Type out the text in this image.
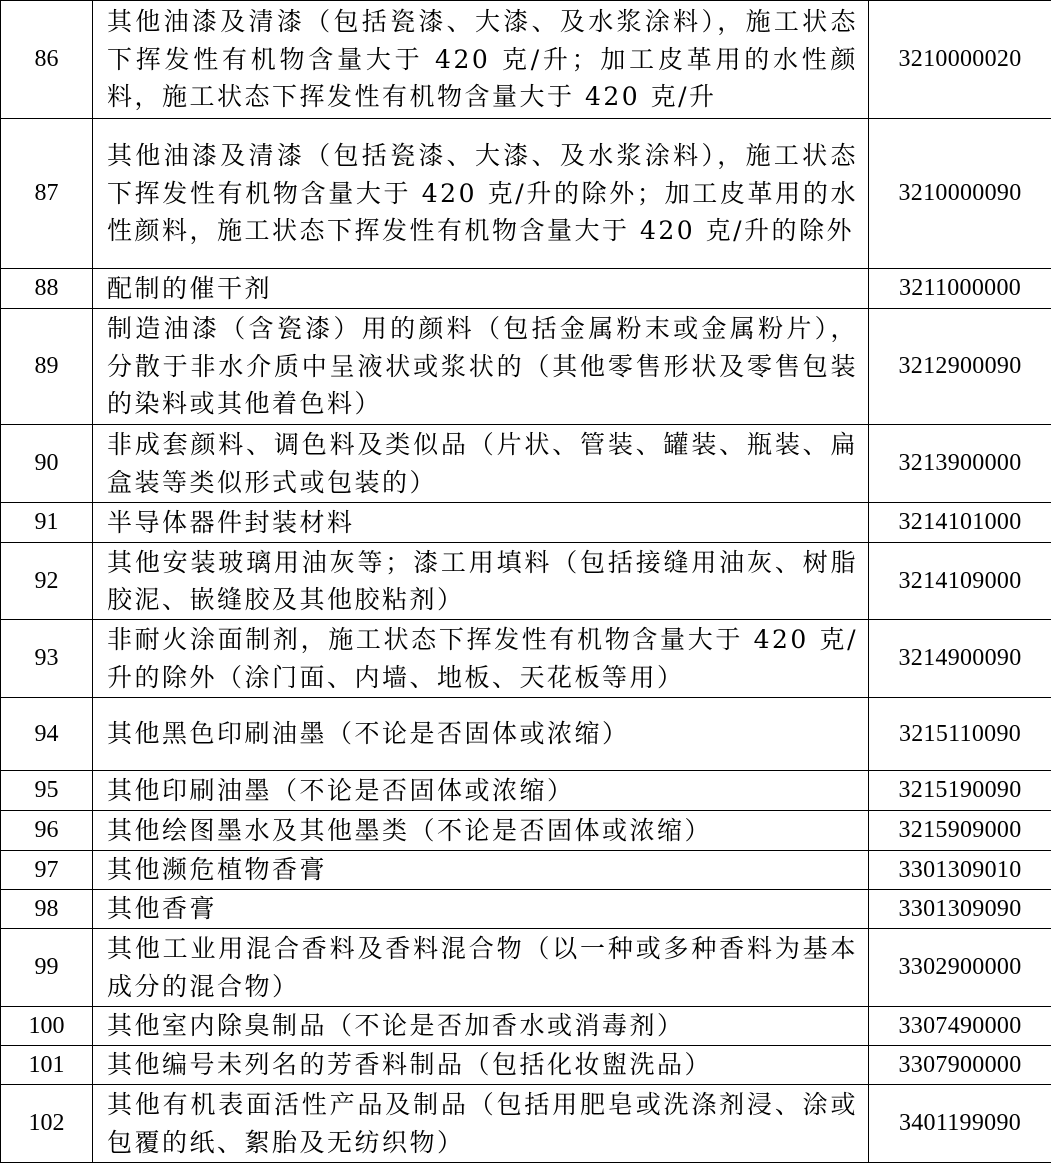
86	其他油漆及清漆（包括瓷漆、大漆、及水浆涂料），施工状态下挥发性有机物含量大于 420 克/升；加工皮革用的水性颜料，施工状态下挥发性有机物含量大于 420 克/升	3210000020
87	其他油漆及清漆（包括瓷漆、大漆、及水浆涂料），施工状态下挥发性有机物含量大于 420 克/升的除外；加工皮革用的水性颜料，施工状态下挥发性有机物含量大于 420 克/升的除外	3210000090
88	配制的催干剂	3211000000
89	制造油漆（含瓷漆）用的颜料（包括金属粉末或金属粉片），分散于非水介质中呈液状或浆状的（其他零售形状及零售包装的染料或其他着色料）	3212900090
90	非成套颜料、调色料及类似品（片状、管装、罐装、瓶装、扁盒装等类似形式或包装的）	3213900000
91	半导体器件封装材料	3214101000
92	其他安装玻璃用油灰等；漆工用填料（包括接缝用油灰、树脂胶泥、嵌缝胶及其他胶粘剂）	3214109000
93	非耐火涂面制剂，施工状态下挥发性有机物含量大于 420 克/升的除外（涂门面、内墙、地板、天花板等用）	3214900090
94	其他黑色印刷油墨（不论是否固体或浓缩）	3215110090
95	其他印刷油墨（不论是否固体或浓缩）	3215190090
96	其他绘图墨水及其他墨类（不论是否固体或浓缩）	3215909000
97	其他濒危植物香膏	3301309010
98	其他香膏	3301309090
99	其他工业用混合香料及香料混合物（以一种或多种香料为基本成分的混合物）	3302900000
100	其他室内除臭制品（不论是否加香水或消毒剂）	3307490000
101	其他编号未列名的芳香料制品（包括化妆盥洗品）	3307900000
102	其他有机表面活性产品及制品（包括用肥皂或洗涤剂浸、涂或包覆的纸、絮胎及无纺织物）	3401199090
